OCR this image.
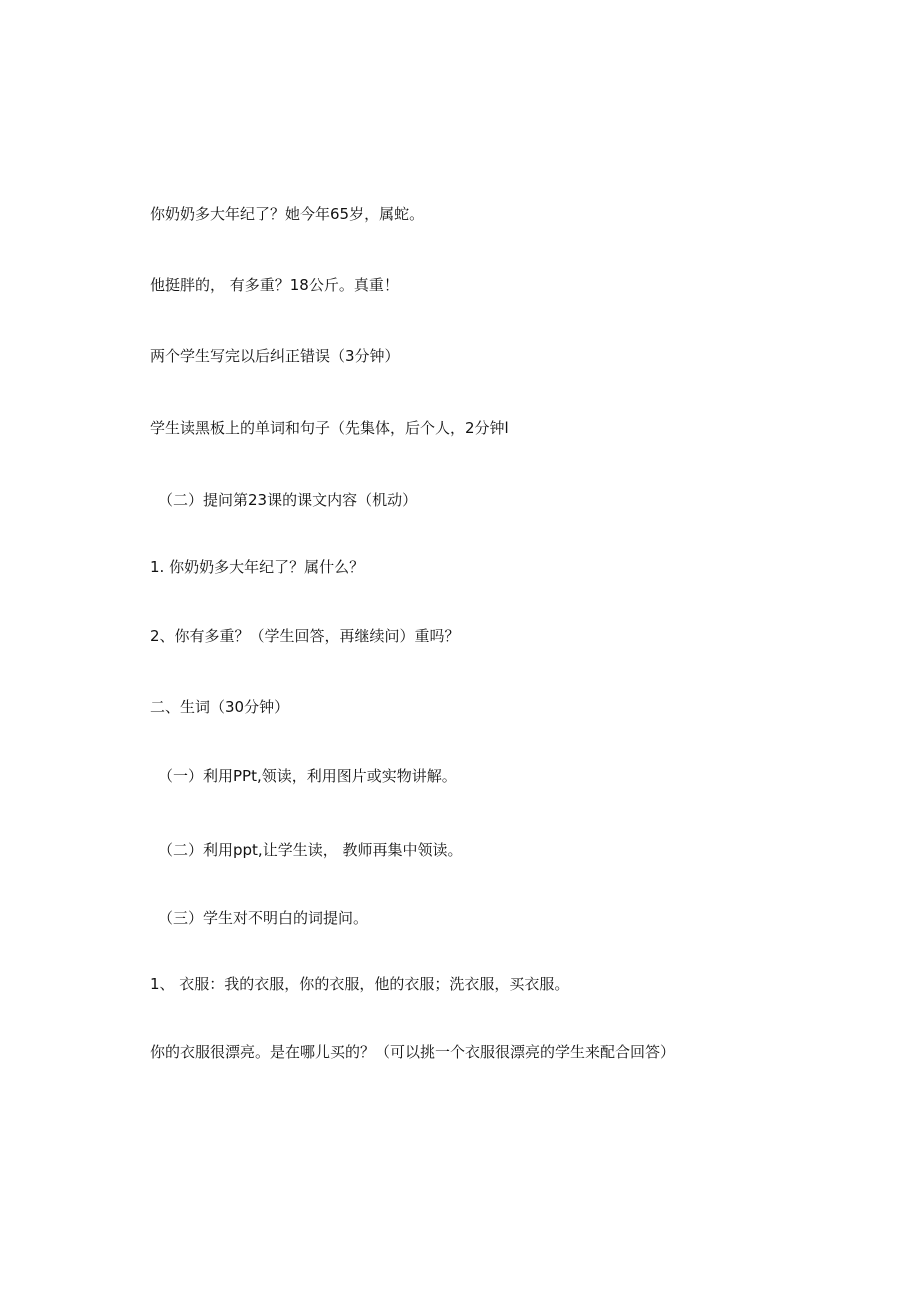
你奶奶多大年纪了？她今年65岁，属蛇。

他挺胖的， 有多重？18公斤。真重！

两个学生写完以后纠正错误（3分钟）

学生读黑板上的单词和句子（先集体，后个人，2分钟l

（二）提问第23课的课文内容（机动）

1. 你奶奶多大年纪了？属什么？

2、你有多重？（学生回答，再继续问）重吗？

二、生词（30分钟）

（一）利用PPt,领读，利用图片或实物讲解。

（二）利用ppt,让学生读， 教师再集中领读。

（三）学生对不明白的词提问。

1、 衣服：我的衣服，你的衣服，他的衣服；洗衣服，买衣服。

你的衣服很漂亮。是在哪儿买的？（可以挑一个衣服很漂亮的学生来配合回答）
